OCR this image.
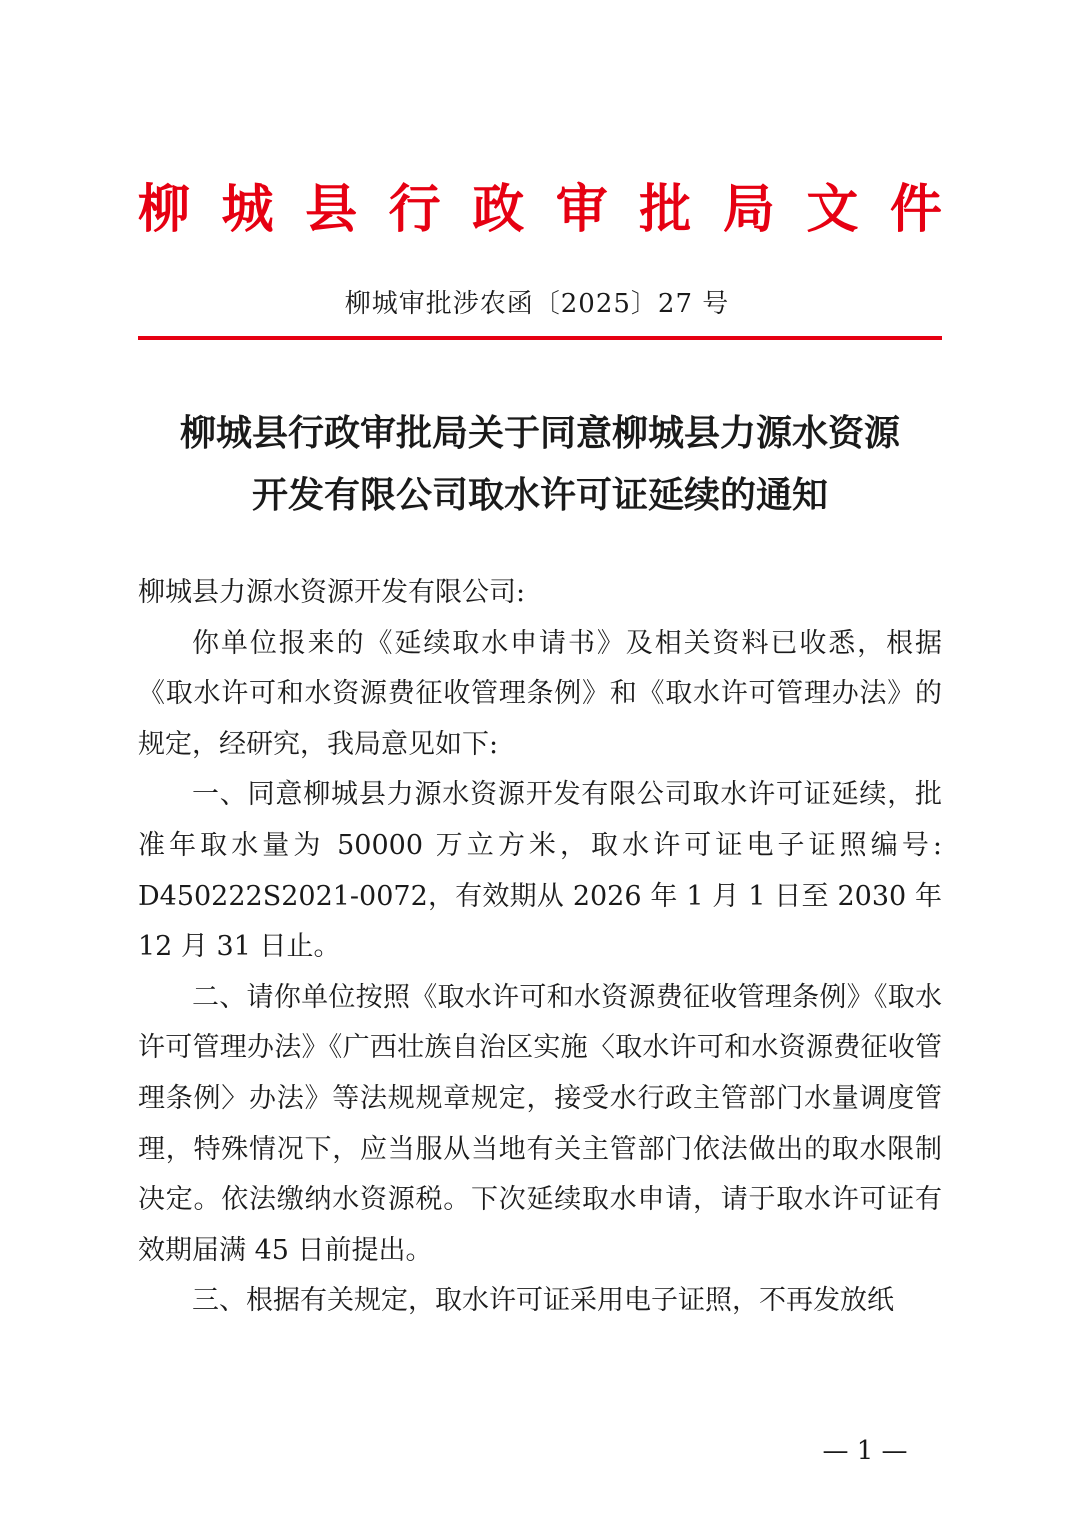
柳 城 县 行 政 审 批 局 文 件
柳城审批涉农函〔2025〕27 号
柳城县行政审批局关于同意柳城县力源水资源
开发有限公司取水许可证延续的通知

柳城县力源水资源开发有限公司:

你单位报来的《延续取水申请书》及相关资料已收悉，根据《取水许可和水资源费征收管理条例》和《取水许可管理办法》的规定，经研究，我局意见如下:

一、同意柳城县力源水资源开发有限公司取水许可证延续，批准年取水量为 50000 万立方米，取水许可证电子证照编号: D450222S2021-0072，有效期从 2026 年 1 月 1 日至 2030 年 12 月 31 日止。

二、请你单位按照《取水许可和水资源费征收管理条例》《取水许可管理办法》《广西壮族自治区实施〈取水许可和水资源费征收管理条例〉办法》等法规规章规定，接受水行政主管部门水量调度管理，特殊情况下，应当服从当地有关主管部门依法做出的取水限制决定。依法缴纳水资源税。下次延续取水申请，请于取水许可证有效期届满 45 日前提出。

三、根据有关规定，取水许可证采用电子证照，不再发放纸

— 1 —
